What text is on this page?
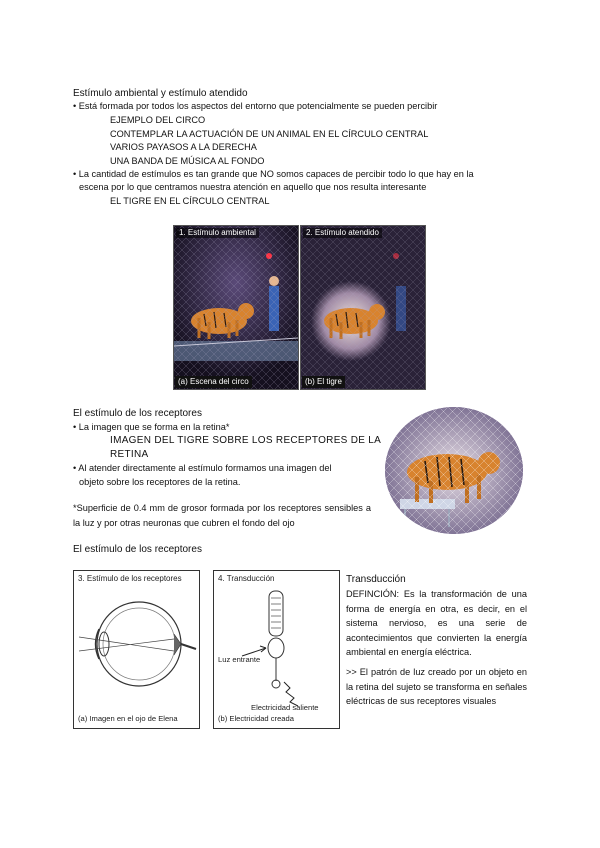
Estímulo ambiental y estímulo atendido
• Está formada por todos los aspectos del entorno que potencialmente se pueden percibir
EJEMPLO DEL CIRCO
CONTEMPLAR LA ACTUACIÓN DE UN ANIMAL EN EL CÍRCULO CENTRAL
VARIOS PAYASOS A LA DERECHA
UNA BANDA DE MÚSICA AL FONDO
• La cantidad de estímulos es tan grande que NO somos capaces de percibir todo lo que hay en la
escena por lo que centramos nuestra atención en aquello que nos resulta interesante
EL TIGRE EN EL CÍRCULO CENTRAL
1. Estímulo ambiental
(a) Escena del circo
2. Estímulo atendido
(b) El tigre
El estímulo de los receptores
• La imagen que se forma en la retina*
IMAGEN DEL TIGRE SOBRE LOS RECEPTORES DE LA
RETINA
• Al atender directamente al estímulo formamos una imagen del
objeto sobre los receptores de la retina.
*Superficie de 0.4 mm de grosor formada por los receptores sensibles a la luz y por otras neuronas que cubren el fondo del ojo
El estímulo de los receptores
3. Estímulo de los receptores
(a) Imagen en el ojo de Elena
4. Transducción
Luz entrante
Electricidad saliente
(b) Electricidad creada
Transducción
DEFINCIÓN: Es la transformación de una forma de energía en otra, es decir, en el sistema nervioso, es una serie de acontecimientos que convierten la energía ambiental en energía eléctrica.
>> El patrón de luz creado por un objeto en la retina del sujeto se transforma en señales eléctricas de sus receptores visuales
